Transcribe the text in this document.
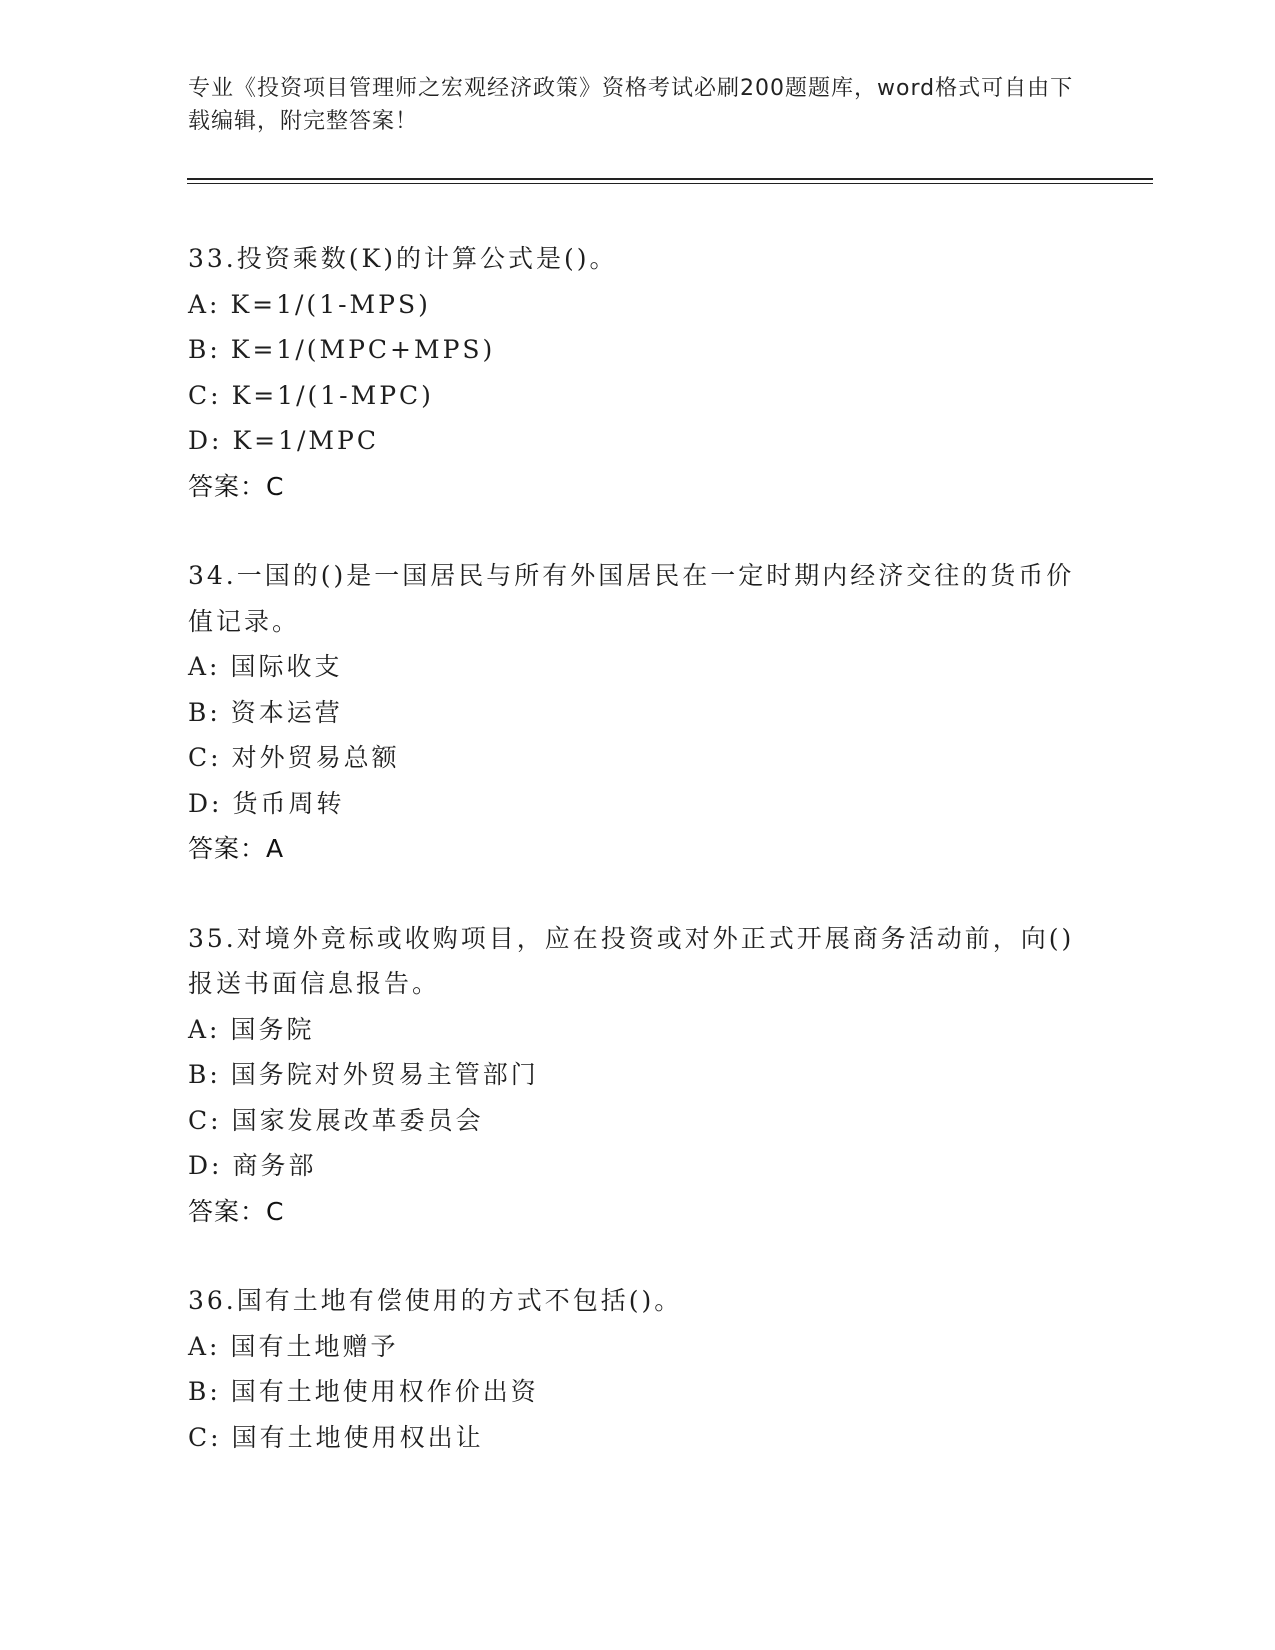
专业《投资项目管理师之宏观经济政策》资格考试必刷200题题库，word格式可自由下载编辑，附完整答案！
33.投资乘数(K)的计算公式是()。
A: K=1/(1-MPS)
B: K=1/(MPC+MPS)
C: K=1/(1-MPC)
D: K=1/MPC
答案：C
34.一国的()是一国居民与所有外国居民在一定时期内经济交往的货币价值记录。
A: 国际收支
B: 资本运营
C: 对外贸易总额
D: 货币周转
答案：A
35.对境外竞标或收购项目，应在投资或对外正式开展商务活动前，向()报送书面信息报告。
A: 国务院
B: 国务院对外贸易主管部门
C: 国家发展改革委员会
D: 商务部
答案：C
36.国有土地有偿使用的方式不包括()。
A: 国有土地赠予
B: 国有土地使用权作价出资
C: 国有土地使用权出让
